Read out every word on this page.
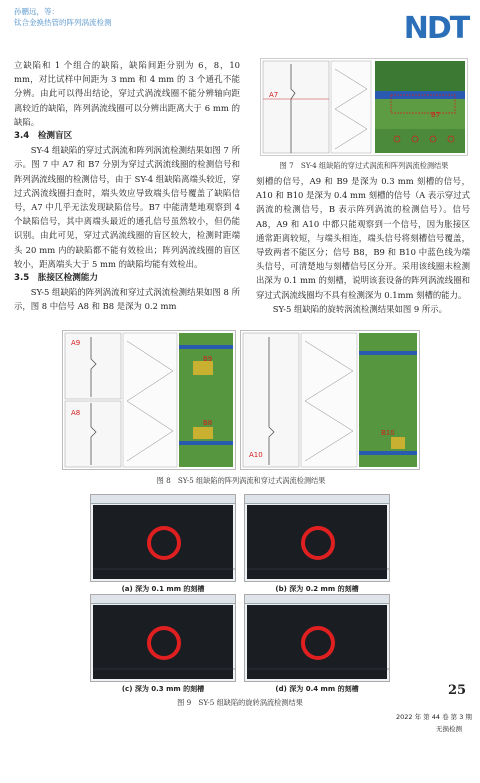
孙鹏远，等：
钛合金换热管的阵列涡流检测	NDT

立缺陷和 1 个组合的缺陷，缺陷间距分别为 6，8，10 mm，对比试样中间距为 3 mm 和 4 mm 的 3 个通孔不能分辨。由此可以得出结论，穿过式涡流线圈不能分辨轴向距离较近的缺陷，阵列涡流线圈可以分辨出距离大于 6 mm 的缺陷。

3.4　检测盲区

SY-4 组缺陷的穿过式涡流和阵列涡流检测结果如图 7 所示。图 7 中 A7 和 B7 分别为穿过式涡流线圈的检测信号和阵列涡流线圈的检测信号，由于 SY-4 组缺陷离端头较近，穿过式涡流线圈扫查时，端头效应导致端头信号覆盖了缺陷信号，A7 中几乎无法发现缺陷信号。B7 中能清楚地观察到 4 个缺陷信号，其中离端头最近的通孔信号虽然较小，但仍能识别。由此可见，穿过式涡流线圈的盲区较大，检测时距端头 20 mm 内的缺陷都不能有效检出；阵列涡流线圈的盲区较小，距离端头大于 5 mm 的缺陷均能有效检出。

3.5　胀接区检测能力

SY-5 组缺陷的阵列涡流和穿过式涡流检测结果如图 8 所示，图 8 中信号 A8 和 B8 是深为 0.2 mm

A7
B7
图 7　SY-4 组缺陷的穿过式涡流和阵列涡流检测结果

刻槽的信号，A9 和 B9 是深为 0.3 mm 刻槽的信号，A10 和 B10 是深为 0.4 mm 刻槽的信号（A 表示穿过式涡流的检测信号，B 表示阵列涡流的检测信号）。信号 A8，A9 和 A10 中都只能观察到一个信号，因为胀接区通常距离较短，与端头相连，端头信号将刻槽信号覆盖，导致两者不能区分；信号 B8，B9 和 B10 中蓝色线为端头信号，可清楚地与刻槽信号区分开。采用该线圈未检测出深为 0.1 mm 的刻槽，说明该套设备的阵列涡流线圈和穿过式涡流线圈均不具有检测深为 0.1mm 刻槽的能力。

SY-5 组缺陷的旋转涡流检测结果如图 9 所示。

A9
B9
A8
B8
A10
B10
图 8　SY-5 组缺陷的阵列涡流和穿过式涡流检测结果
(a) 深为 0.1 mm 的刻槽	(b) 深为 0.2 mm 的刻槽
(c) 深为 0.3 mm 的刻槽	(d) 深为 0.4 mm 的刻槽
图 9　SY-5 组缺陷的旋转涡流检测结果
25
2022 年 第 44 卷 第 3 期
无损检测
